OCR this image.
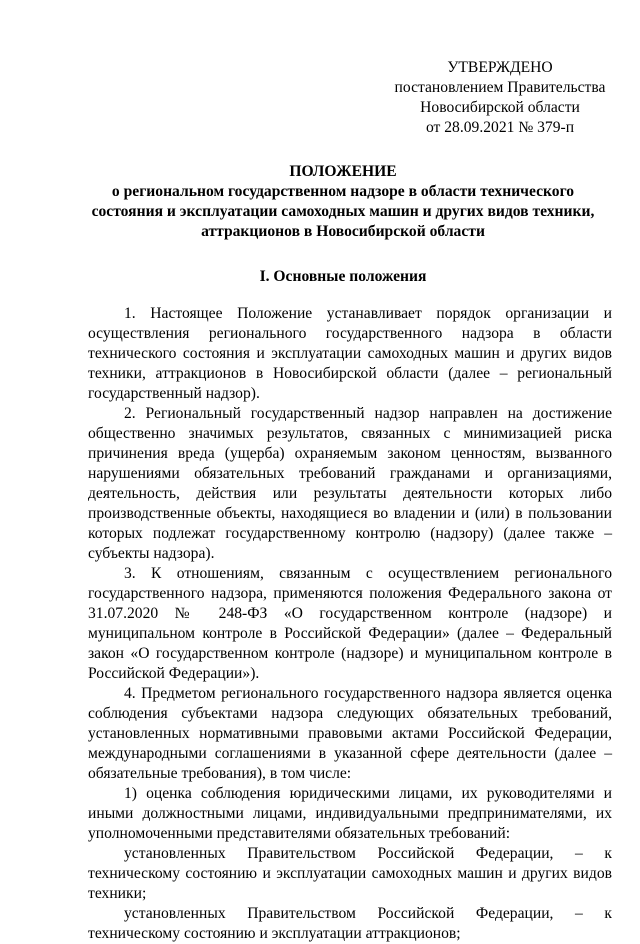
УТВЕРЖДЕНО
постановлением Правительства
Новосибирской области
от 28.09.2021 № 379-п
ПОЛОЖЕНИЕ
о региональном государственном надзоре в области технического
состояния и эксплуатации самоходных машин и других видов техники,
аттракционов в Новосибирской области
I. Основные положения

1. Настоящее Положение устанавливает порядок организации и осуществления регионального государственного надзора в области технического состояния и эксплуатации самоходных машин и других видов техники, аттракционов в Новосибирской области (далее – региональный государственный надзор).

2. Региональный государственный надзор направлен на достижение общественно значимых результатов, связанных с минимизацией риска причинения вреда (ущерба) охраняемым законом ценностям, вызванного нарушениями обязательных требований гражданами и организациями, деятельность, действия или результаты деятельности которых либо производственные объекты, находящиеся во владении и (или) в пользовании которых подлежат государственному контролю (надзору) (далее также – субъекты надзора).

3. К отношениям, связанным с осуществлением регионального государственного надзора, применяются положения Федерального закона от 31.07.2020 № 248-ФЗ «О государственном контроле (надзоре) и муниципальном контроле в Российской Федерации» (далее – Федеральный закон «О государственном контроле (надзоре) и муниципальном контроле в Российской Федерации»).

4. Предметом регионального государственного надзора является оценка соблюдения субъектами надзора следующих обязательных требований, установленных нормативными правовыми актами Российской Федерации, международными соглашениями в указанной сфере деятельности (далее – обязательные требования), в том числе:

1) оценка соблюдения юридическими лицами, их руководителями и иными должностными лицами, индивидуальными предпринимателями, их уполномоченными представителями обязательных требований:

установленных Правительством Российской Федерации, – к техническому состоянию и эксплуатации самоходных машин и других видов техники;

установленных Правительством Российской Федерации, – к техническому состоянию и эксплуатации аттракционов;
